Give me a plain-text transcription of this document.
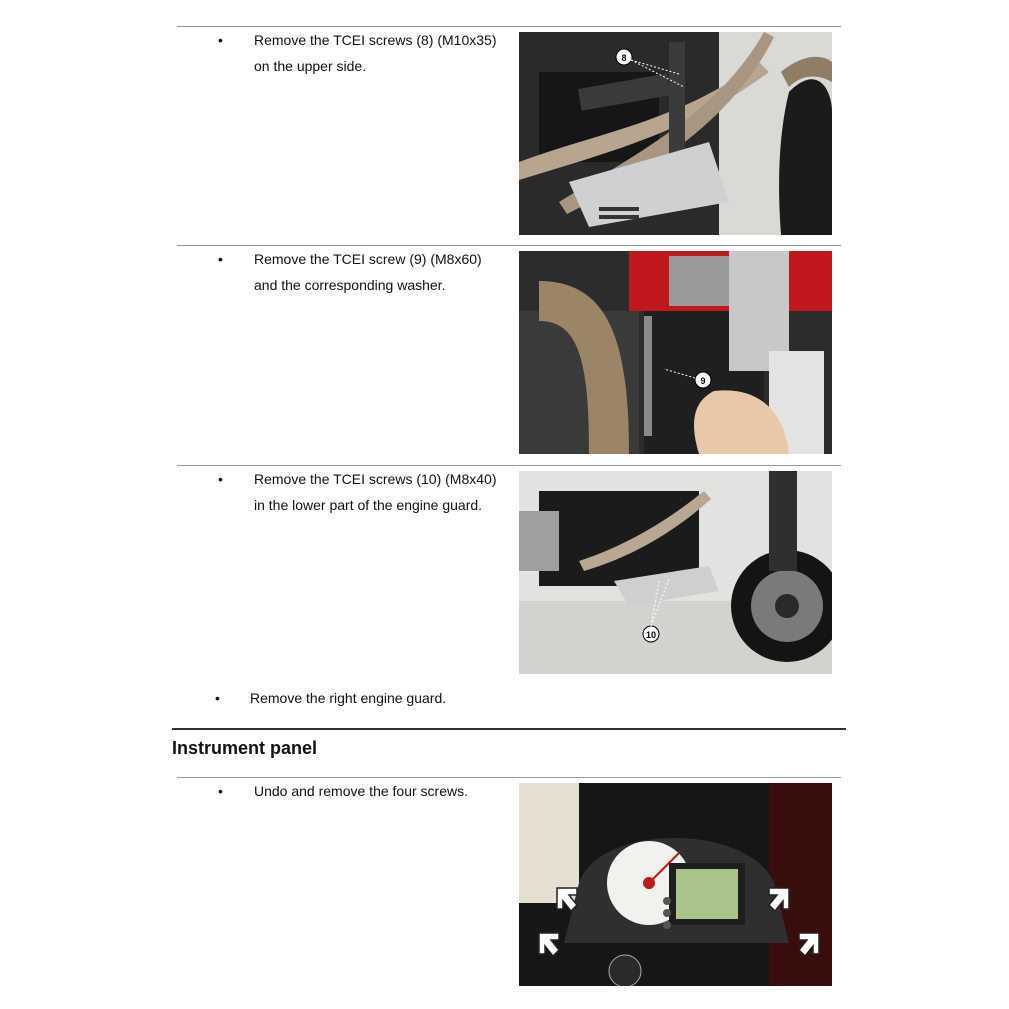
• Remove the TCEI screws (8) (M10x35)
on the upper side.	8
• Remove the TCEI screw (9) (M8x60)
and the corresponding washer.
9
• Remove the TCEI screws (10) (M8x40)
in the lower part of the engine guard.
10
• Remove the right engine guard.
Instrument panel
• Undo and remove the four screws.
